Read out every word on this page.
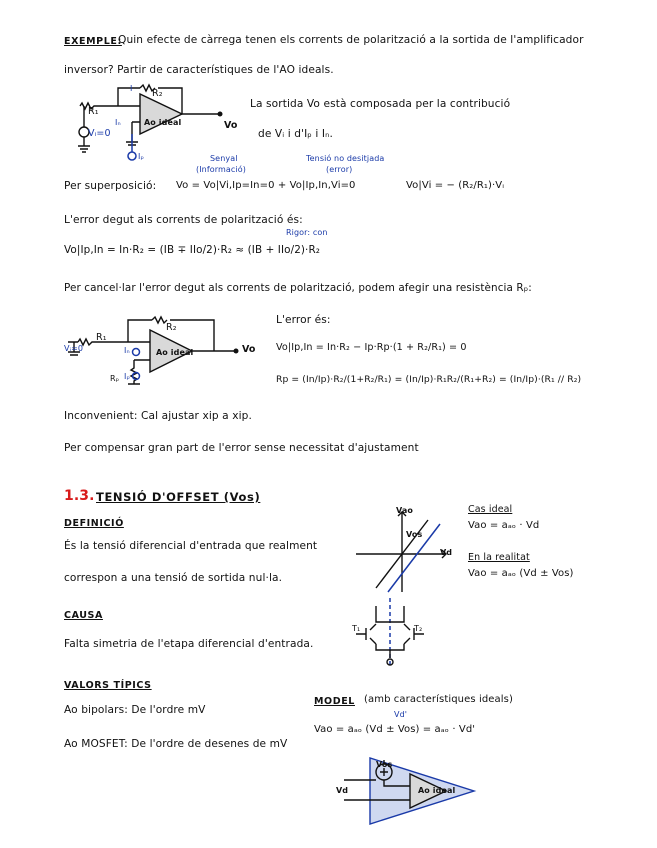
EXEMPLE:
Quin efecte de càrrega tenen els corrents de polarització a la sortida de l'amplificador
inversor? Partir de característiques de l'AO ideals.
R₂
R₁
Vᵢ=0
Iₙ
Iₚ
Ao ideal	Vo
I
La sortida Vo està composada per la contribució
de Vᵢ i d'Iₚ i Iₙ.
Senyal
(Informació)
Tensió no desitjada
(error)
Per superposició: Vo = Vo|Vi,Ip=In=0 + Vo|Ip,In,Vi=0	Vo|Vi = − (R₂/R₁)·Vᵢ
L'error degut als corrents de polarització és:
Rigor: con
Vo|Ip,In = In·R₂ = (IB ∓ IIo/2)·R₂ ≈ (IB + IIo/2)·R₂
Per cancel·lar l'error degut als corrents de polarització, podem afegir una resistència Rₚ:
R₂
R₁
Vᵢ=0	Iₙ
Iₚ
Rₚ
Ao ideal	Vo
L'error és:
Vo|Ip,In = In·R₂ − Ip·Rp·(1 + R₂/R₁) = 0
Rp = (In/Ip)·R₂/(1+R₂/R₁) = (In/Ip)·R₁R₂/(R₁+R₂) = (In/Ip)·(R₁ // R₂)
Inconvenient: Cal ajustar xip a xip.
Per compensar gran part de l'error sense necessitat d'ajustament
1.3. TENSIÓ D'OFFSET (Vos)
DEFINICIÓ
És la tensió diferencial d'entrada que realment
correspon a una tensió de sortida nul·la.
Vao
Vd
Vos
Cas ideal
Vao = aₐₒ · Vd
En la realitat
Vao = aₐₒ (Vd ± Vos)
CAUSA
Falta simetria de l'etapa diferencial d'entrada.
T₁	T₂
VALORS TÍPICS
Ao bipolars: De l'ordre mV
Ao MOSFET: De l'ordre de desenes de mV
MODEL (amb característiques ideals)
Vd'
Vao = aₐₒ (Vd ± Vos) = aₐₒ · Vd'
Vos
Ao ideal
Vd
